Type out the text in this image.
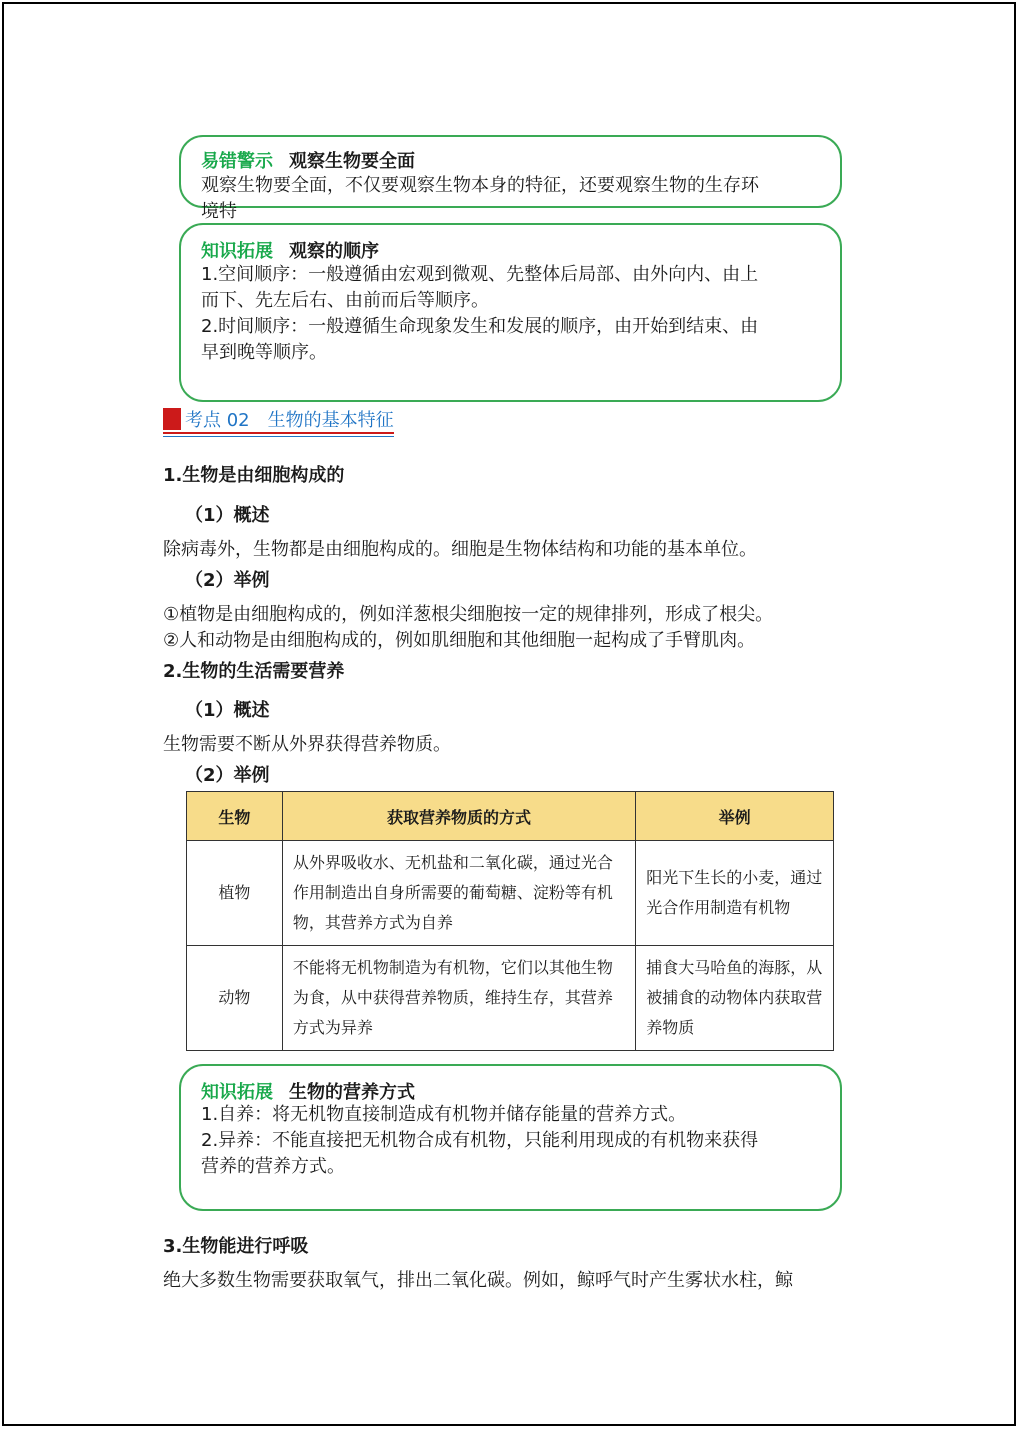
易错警示 观察生物要全面

观察生物要全面，不仅要观察生物本身的特征，还要观察生物的生存环

境特

知识拓展 观察的顺序

1.空间顺序：一般遵循由宏观到微观、先整体后局部、由外向内、由上

而下、先左后右、由前而后等顺序。

2.时间顺序：一般遵循生命现象发生和发展的顺序，由开始到结束、由

早到晚等顺序。

考点 02　生物的基本特征
1.生物是由细胞构成的
（1）概述
除病毒外，生物都是由细胞构成的。细胞是生物体结构和功能的基本单位。
（2）举例
①植物是由细胞构成的，例如洋葱根尖细胞按一定的规律排列，形成了根尖。
②人和动物是由细胞构成的，例如肌细胞和其他细胞一起构成了手臂肌肉。
2.生物的生活需要营养
（1）概述
生物需要不断从外界获得营养物质。
（2）举例
生物	获取营养物质的方式	举例
植物	从外界吸收水、无机盐和二氧化碳，通过光合作用制造出自身所需要的葡萄糖、淀粉等有机物，其营养方式为自养	阳光下生长的小麦，通过光合作用制造有机物
动物	不能将无机物制造为有机物，它们以其他生物为食，从中获得营养物质，维持生存，其营养方式为异养	捕食大马哈鱼的海豚，从被捕食的动物体内获取营养物质
知识拓展 生物的营养方式

1.自养：将无机物直接制造成有机物并储存能量的营养方式。

2.异养：不能直接把无机物合成有机物，只能利用现成的有机物来获得

营养的营养方式。

3.生物能进行呼吸
绝大多数生物需要获取氧气，排出二氧化碳。例如，鲸呼气时产生雾状水柱，鲸
